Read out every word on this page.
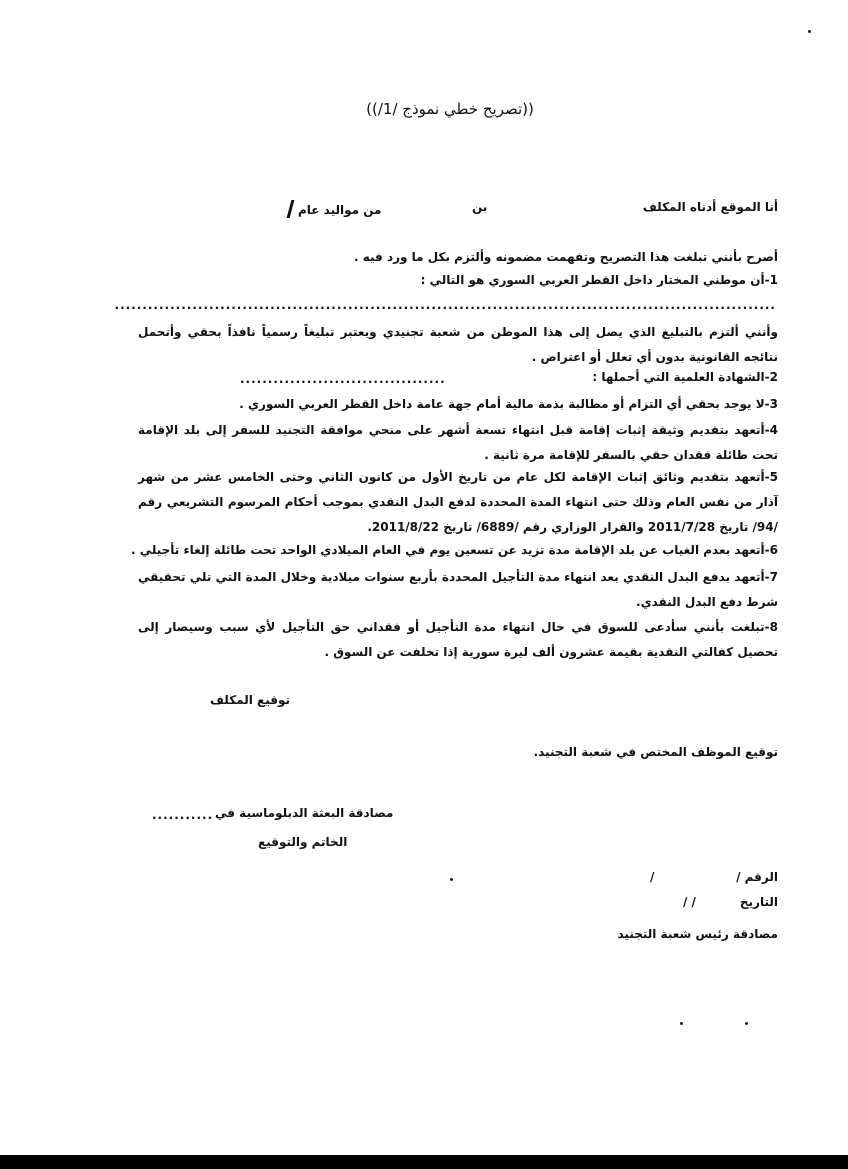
((تصريح خطي نموذج /1/))
أنا الموقع أدناه المكلف
بن
من مواليد عام
أصرح بأنني تبلغت هذا التصريح وتفهمت مضمونه وألتزم بكل ما ورد فيه .
1-أن موطني المختار داخل القطر العربي السوري هو التالي :
.......................................................................................................................
وأنني ألتزم بالتبليغ الذي يصل إلى هذا الموطن من شعبة تجنيدي ويعتبر تبليغاً رسمياً نافذاً بحقي وأتحمل نتائجه القانونية بدون أي تعلل أو اعتراض .
2-الشهادة العلمية التي أحملها :
.....................................
3-لا يوجد بحقي أي التزام أو مطالبة بذمة مالية أمام جهة عامة داخل القطر العربي السوري .
4-أتعهد بتقديم وثيقة إثبات إقامة قبل انتهاء تسعة أشهر على منحي موافقة التجنيد للسفر إلى بلد الإقامة تحت طائلة فقدان حقي بالسفر للإقامة مرة ثانية .
5-أتعهد بتقديم وثائق إثبات الإقامة لكل عام من تاريخ الأول من كانون الثاني وحتى الخامس عشر من شهر آذار من نفس العام وذلك حتى انتهاء المدة المحددة لدفع البدل النقدي بموجب أحكام المرسوم التشريعي رقم /94/ تاريخ 2011/7/28 والقرار الوزاري رقم /6889/ تاريخ 2011/8/22.
6-أتعهد بعدم الغياب عن بلد الإقامة مدة تزيد عن تسعين يوم في العام الميلادي الواحد تحت طائلة إلغاء تأجيلي .
7-أتعهد بدفع البدل النقدي بعد انتهاء مدة التأجيل المحددة بأربع سنوات ميلادية وخلال المدة التي تلي تحقيقي شرط دفع البدل النقدي.
8-تبلغت بأنني سأدعى للسوق في حال انتهاء مدة التأجيل أو فقداني حق التأجيل لأي سبب وسيصار إلى تحصيل كفالتي النقدية بقيمة عشرون ألف ليرة سورية إذا تخلفت عن السوق .
توقيع المكلف
توقيع الموظف المختص في شعبة التجنيد.
مصادقة البعثة الدبلوماسية في
...........
الخاتم والتوقيع
الرقم /
/
التاريخ
/ /
مصادقة رئيس شعبة التجنيد
